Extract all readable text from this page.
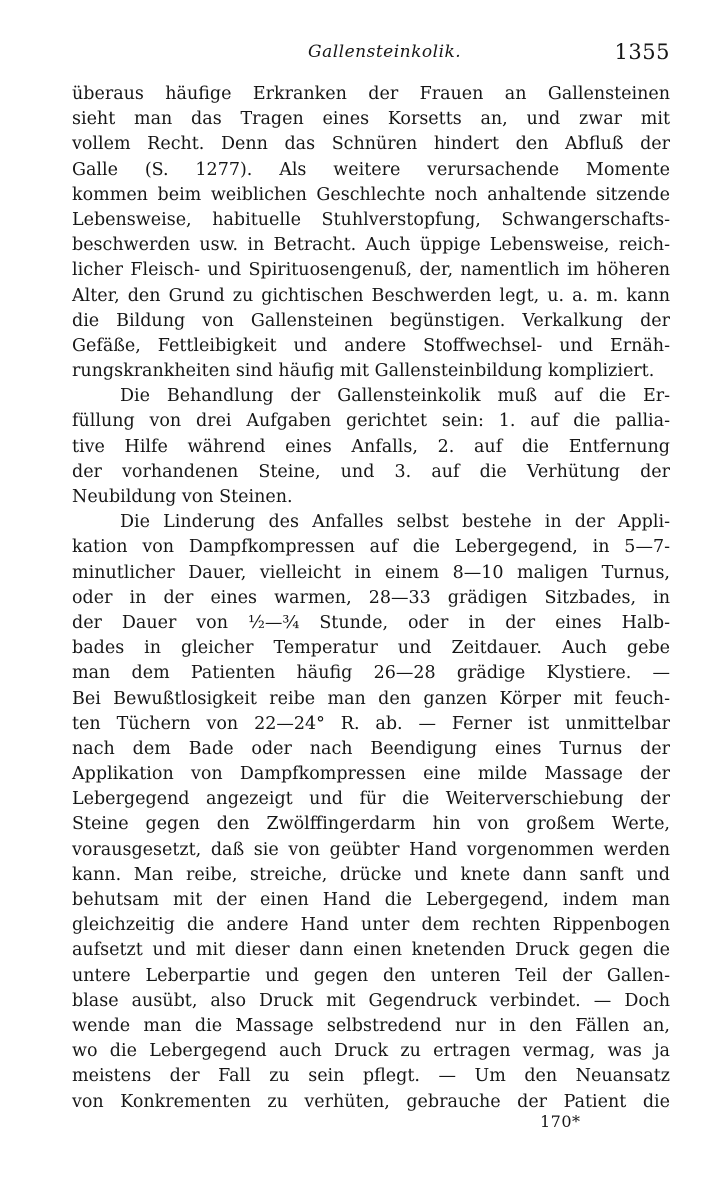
Gallensteinkolik.	1355
überaus häufige Erkranken der Frauen an Gallensteinen
sieht man das Tragen eines Korsetts an, und zwar mit
vollem Recht. Denn das Schnüren hindert den Abfluß der
Galle (S. 1277). Als weitere verursachende Momente
kommen beim weiblichen Geschlechte noch anhaltende sitzende
Lebensweise, habituelle Stuhlverstopfung, Schwangerschafts-
beschwerden usw. in Betracht. Auch üppige Lebensweise, reich-
licher Fleisch- und Spirituosengenuß, der, namentlich im höheren
Alter, den Grund zu gichtischen Beschwerden legt, u. a. m. kann
die Bildung von Gallensteinen begünstigen. Verkalkung der
Gefäße, Fettleibigkeit und andere Stoffwechsel- und Ernäh-
rungskrankheiten sind häufig mit Gallensteinbildung kompliziert.
Die Behandlung der Gallensteinkolik muß auf die Er-
füllung von drei Aufgaben gerichtet sein: 1. auf die pallia-
tive Hilfe während eines Anfalls, 2. auf die Entfernung
der vorhandenen Steine, und 3. auf die Verhütung der
Neubildung von Steinen.
Die Linderung des Anfalles selbst bestehe in der Appli-
kation von Dampfkompressen auf die Lebergegend, in 5—7-
minutlicher Dauer, vielleicht in einem 8—10 maligen Turnus,
oder in der eines warmen, 28—33 grädigen Sitzbades, in
der Dauer von ½—¾ Stunde, oder in der eines Halb-
bades in gleicher Temperatur und Zeitdauer. Auch gebe
man dem Patienten häufig 26—28 grädige Klystiere. —
Bei Bewußtlosigkeit reibe man den ganzen Körper mit feuch-
ten Tüchern von 22—24° R. ab. — Ferner ist unmittelbar
nach dem Bade oder nach Beendigung eines Turnus der
Applikation von Dampfkompressen eine milde Massage der
Lebergegend angezeigt und für die Weiterverschiebung der
Steine gegen den Zwölffingerdarm hin von großem Werte,
vorausgesetzt, daß sie von geübter Hand vorgenommen werden
kann. Man reibe, streiche, drücke und knete dann sanft und
behutsam mit der einen Hand die Lebergegend, indem man
gleichzeitig die andere Hand unter dem rechten Rippenbogen
aufsetzt und mit dieser dann einen knetenden Druck gegen die
untere Leberpartie und gegen den unteren Teil der Gallen-
blase ausübt, also Druck mit Gegendruck verbindet. — Doch
wende man die Massage selbstredend nur in den Fällen an,
wo die Lebergegend auch Druck zu ertragen vermag, was ja
meistens der Fall zu sein pflegt. — Um den Neuansatz
von Konkrementen zu verhüten, gebrauche der Patient die
170*
